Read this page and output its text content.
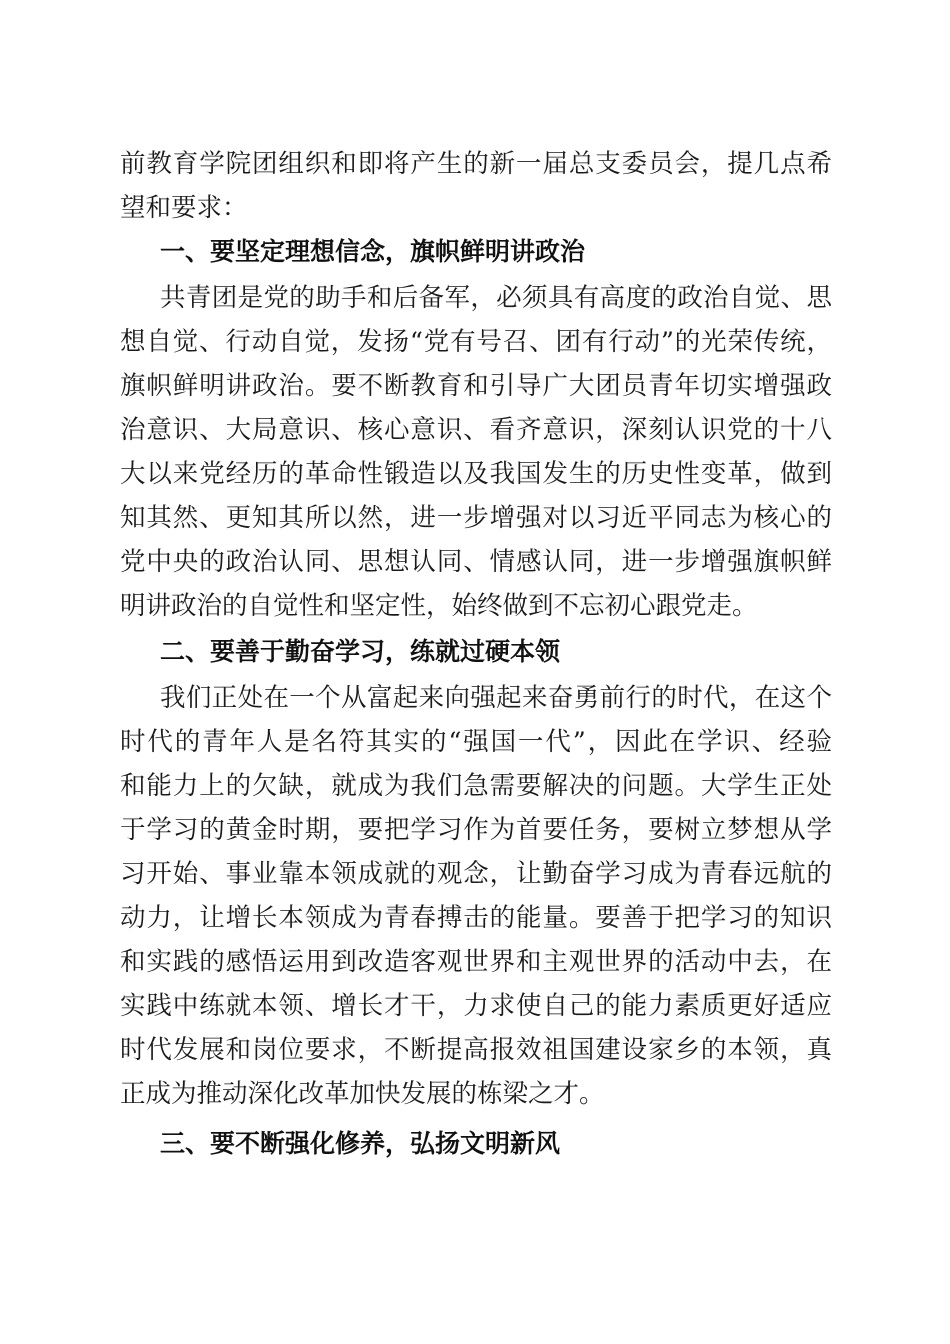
前教育学院团组织和即将产生的新一届总支委员会，提几点希
望和要求：
一、要坚定理想信念，旗帜鲜明讲政治
共青团是党的助手和后备军，必须具有高度的政治自觉、思
想自觉、行动自觉，发扬“党有号召、团有行动”的光荣传统，
旗帜鲜明讲政治。要不断教育和引导广大团员青年切实增强政
治意识、大局意识、核心意识、看齐意识，深刻认识党的十八
大以来党经历的革命性锻造以及我国发生的历史性变革，做到
知其然、更知其所以然，进一步增强对以习近平同志为核心的
党中央的政治认同、思想认同、情感认同，进一步增强旗帜鲜
明讲政治的自觉性和坚定性，始终做到不忘初心跟党走。
二、要善于勤奋学习，练就过硬本领
我们正处在一个从富起来向强起来奋勇前行的时代，在这个
时代的青年人是名符其实的“强国一代”，因此在学识、经验
和能力上的欠缺，就成为我们急需要解决的问题。大学生正处
于学习的黄金时期，要把学习作为首要任务，要树立梦想从学
习开始、事业靠本领成就的观念，让勤奋学习成为青春远航的
动力，让增长本领成为青春搏击的能量。要善于把学习的知识
和实践的感悟运用到改造客观世界和主观世界的活动中去，在
实践中练就本领、增长才干，力求使自己的能力素质更好适应
时代发展和岗位要求，不断提高报效祖国建设家乡的本领，真
正成为推动深化改革加快发展的栋梁之才。
三、要不断强化修养，弘扬文明新风
